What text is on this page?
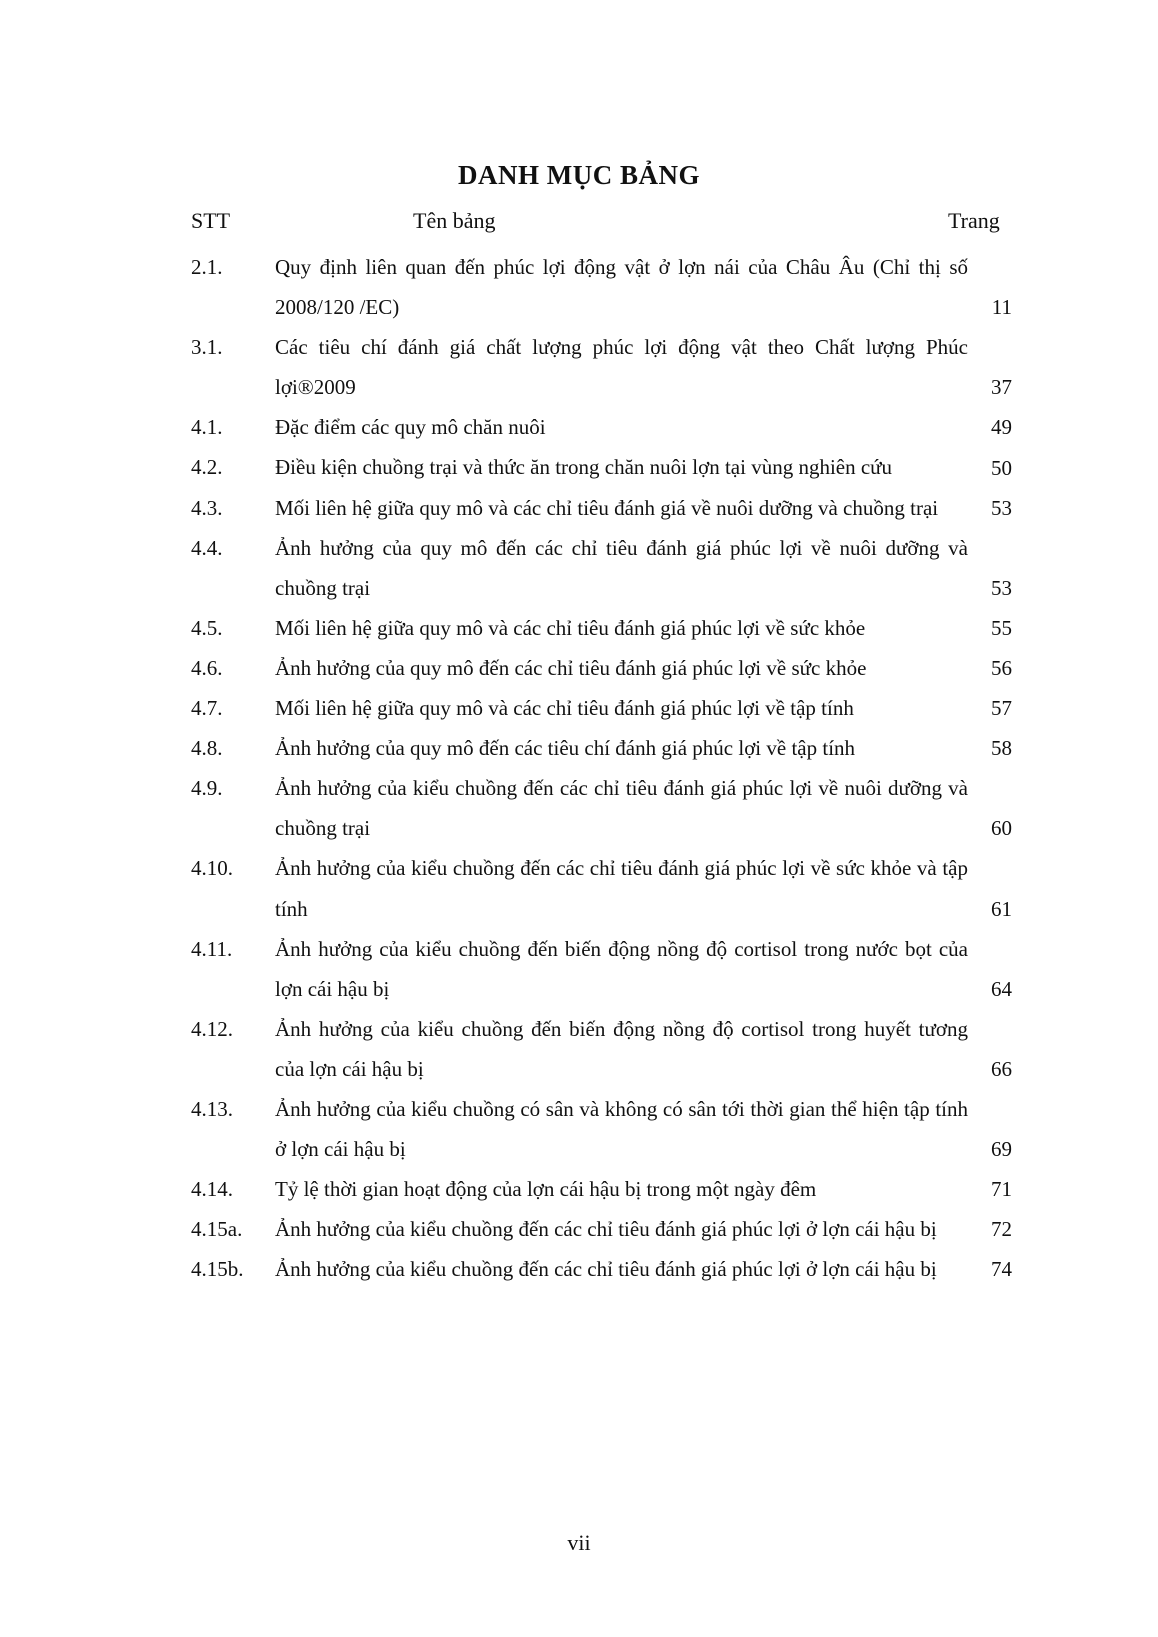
DANH MỤC BẢNG
STT	Tên bảng	Trang
2.1.	Quy định liên quan đến phúc lợi động vật ở lợn nái của Châu Âu (Chỉ thị số 2008/120 /EC)	11
3.1.	Các tiêu chí đánh giá chất lượng phúc lợi động vật theo Chất lượng Phúc lợi®2009	37
4.1.	Đặc điểm các quy mô chăn nuôi	49
4.2.	Điều kiện chuồng trại và thức ăn trong chăn nuôi lợn tại vùng nghiên cứu	50
4.3.	Mối liên hệ giữa quy mô và các chỉ tiêu đánh giá về nuôi dưỡng và chuồng trại	53
4.4.	Ảnh hưởng của quy mô đến các chỉ tiêu đánh giá phúc lợi về nuôi dưỡng và chuồng trại	53
4.5.	Mối liên hệ giữa quy mô và các chỉ tiêu đánh giá phúc lợi về sức khỏe	55
4.6.	Ảnh hưởng của quy mô đến các chỉ tiêu đánh giá phúc lợi về sức khỏe	56
4.7.	Mối liên hệ giữa quy mô và các chỉ tiêu đánh giá phúc lợi về tập tính	57
4.8.	Ảnh hưởng của quy mô đến các tiêu chí đánh giá phúc lợi về tập tính	58
4.9.	Ảnh hưởng của kiểu chuồng đến các chỉ tiêu đánh giá phúc lợi về nuôi dưỡng và chuồng trại	60
4.10. Ảnh hưởng của kiểu chuồng đến các chỉ tiêu đánh giá phúc lợi về sức khỏe và tập tính	61
4.11. Ảnh hưởng của kiểu chuồng đến biến động nồng độ cortisol trong nước bọt của lợn cái hậu bị	64
4.12. Ảnh hưởng của kiểu chuồng đến biến động nồng độ cortisol trong huyết tương của lợn cái hậu bị	66
4.13. Ảnh hưởng của kiểu chuồng có sân và không có sân tới thời gian thể hiện tập tính ở lợn cái hậu bị	69
4.14. Tỷ lệ thời gian hoạt động của lợn cái hậu bị trong một ngày đêm	71
4.15a. Ảnh hưởng của kiểu chuồng đến các chỉ tiêu đánh giá phúc lợi ở lợn cái hậu bị	72
4.15b. Ảnh hưởng của kiểu chuồng đến các chỉ tiêu đánh giá phúc lợi ở lợn cái hậu bị	74
vii
